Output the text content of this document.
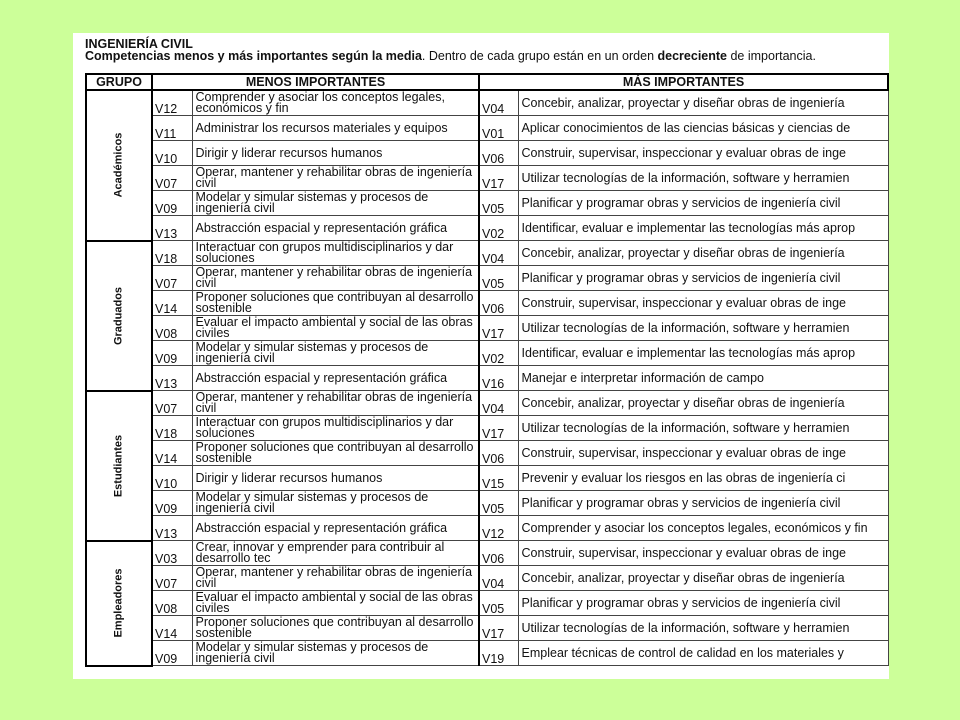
INGENIERÍA CIVIL
Competencias menos y más importantes según la media. Dentro de cada grupo están en un orden decreciente de importancia.
GRUPO	MENOS IMPORTANTES		MÁS IMPORTANTES	

Académicos	V12	Comprender y asociar los conceptos legales, económicos y fin	V04	Concebir, analizar, proyectar y diseñar obras de ingeniería
	V11	Administrar los recursos materiales y equipos	V01	Aplicar conocimientos de las ciencias básicas y ciencias de
	V10	Dirigir y liderar recursos humanos	V06	Construir, supervisar, inspeccionar y evaluar obras de inge
	V07	Operar, mantener y rehabilitar obras de ingeniería civil	V17	Utilizar tecnologías de la información, software y herramien
	V09	Modelar y simular sistemas y procesos de ingeniería civil	V05	Planificar y programar obras y servicios de ingeniería civil
	V13	Abstracción espacial y representación gráfica	V02	Identificar, evaluar e implementar las tecnologías más aprop

Graduados	V18	Interactuar con grupos multidisciplinarios y dar soluciones	V04	Concebir, analizar, proyectar y diseñar obras de ingeniería
	V07	Operar, mantener y rehabilitar obras de ingeniería civil	V05	Planificar y programar obras y servicios de ingeniería civil
	V14	Proponer soluciones que contribuyan al desarrollo sostenible	V06	Construir, supervisar, inspeccionar y evaluar obras de inge
	V08	Evaluar el impacto ambiental y social de las obras civiles	V17	Utilizar tecnologías de la información, software y herramien
	V09	Modelar y simular sistemas y procesos de ingeniería civil	V02	Identificar, evaluar e implementar las tecnologías más aprop
	V13	Abstracción espacial y representación gráfica	V16	Manejar e interpretar información de campo

Estudiantes	V07	Operar, mantener y rehabilitar obras de ingeniería civil	V04	Concebir, analizar, proyectar y diseñar obras de ingeniería
	V18	Interactuar con grupos multidisciplinarios y dar soluciones	V17	Utilizar tecnologías de la información, software y herramien
	V14	Proponer soluciones que contribuyan al desarrollo sostenible	V06	Construir, supervisar, inspeccionar y evaluar obras de inge
	V10	Dirigir y liderar recursos humanos	V15	Prevenir y evaluar los riesgos en las obras de ingeniería ci
	V09	Modelar y simular sistemas y procesos de ingeniería civil	V05	Planificar y programar obras y servicios de ingeniería civil
	V13	Abstracción espacial y representación gráfica	V12	Comprender y asociar los conceptos legales, económicos y fin

Empleadores	V03	Crear, innovar y emprender para contribuir al desarrollo tec	V06	Construir, supervisar, inspeccionar y evaluar obras de inge
	V07	Operar, mantener y rehabilitar obras de ingeniería civil	V04	Concebir, analizar, proyectar y diseñar obras de ingeniería
	V08	Evaluar el impacto ambiental y social de las obras civiles	V05	Planificar y programar obras y servicios de ingeniería civil
	V14	Proponer soluciones que contribuyan al desarrollo sostenible	V17	Utilizar tecnologías de la información, software y herramien
	V09	Modelar y simular sistemas y procesos de ingeniería civil	V19	Emplear técnicas de control de calidad en los materiales y
